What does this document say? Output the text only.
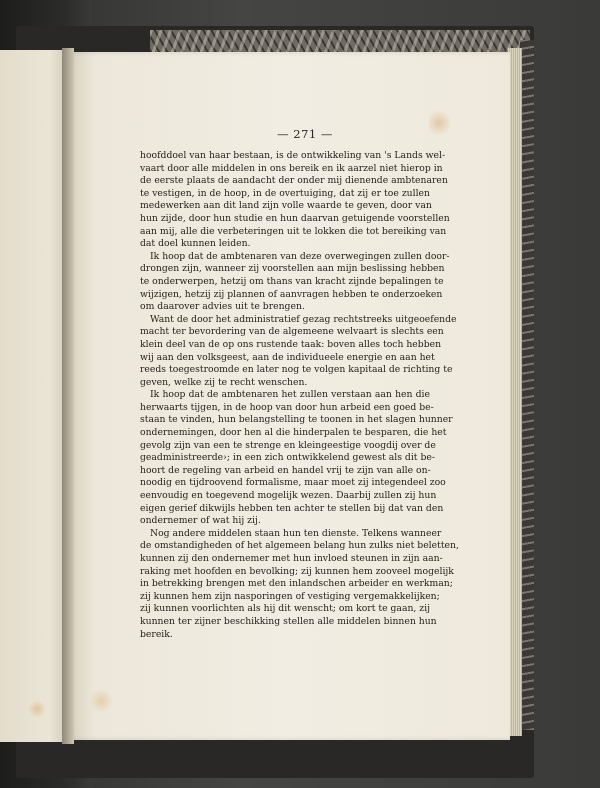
— 271 —
hoofddoel van haar bestaan, is de ontwikkeling van 's Lands wel-
vaart door alle middelen in ons bereik en ik aarzel niet hierop in
de eerste plaats de aandacht der onder mij dienende ambtenaren
te vestigen, in de hoop, in de overtuiging, dat zij er toe zullen
medewerken aan dit land zijn volle waarde te geven, door van
hun zijde, door hun studie en hun daarvan getuigende voorstellen
aan mij, alle die verbeteringen uit te lokken die tot bereiking van
dat doel kunnen leiden.
Ik hoop dat de ambtenaren van deze overwegingen zullen door-
drongen zijn, wanneer zij voorstellen aan mijn beslissing hebben
te onderwerpen, hetzij om thans van kracht zijnde bepalingen te
wijzigen, hetzij zij plannen of aanvragen hebben te onderzoeken
om daarover advies uit te brengen.
Want de door het administratief gezag rechtstreeks uitgeoefende
macht ter bevordering van de algemeene welvaart is slechts een
klein deel van de op ons rustende taak: boven alles toch hebben
wij aan den volksgeest, aan de individueele energie en aan het
reeds toegestroomde en later nog te volgen kapitaal de richting te
geven, welke zij te recht wenschen.
Ik hoop dat de ambtenaren het zullen verstaan aan hen die
herwaarts tijgen, in de hoop van door hun arbeid een goed be-
staan te vinden, hun belangstelling te toonen in het slagen hunner
ondernemingen, door hen al die hinderpalen te besparen, die het
gevolg zijn van een te strenge en kleingeestige voogdij over de
geadministreerde›; in een zich ontwikkelend gewest als dit be-
hoort de regeling van arbeid en handel vrij te zijn van alle on-
noodig en tijdroovend formalisme, maar moet zij integendeel zoo
eenvoudig en toegevend mogelijk wezen. Daarbij zullen zij hun
eigen gerief dikwijls hebben ten achter te stellen bij dat van den
ondernemer of wat hij zij.
Nog andere middelen staan hun ten dienste. Telkens wanneer
de omstandigheden of het algemeen belang hun zulks niet beletten,
kunnen zij den ondernemer met hun invloed steunen in zijn aan-
raking met hoofden en bevolking; zij kunnen hem zooveel mogelijk
in betrekking brengen met den inlandschen arbeider en werkman;
zij kunnen hem zijn nasporingen of vestiging vergemakkelijken;
zij kunnen voorlichten als hij dit wenscht; om kort te gaan, zij
kunnen ter zijner beschikking stellen alle middelen binnen hun
bereik.
